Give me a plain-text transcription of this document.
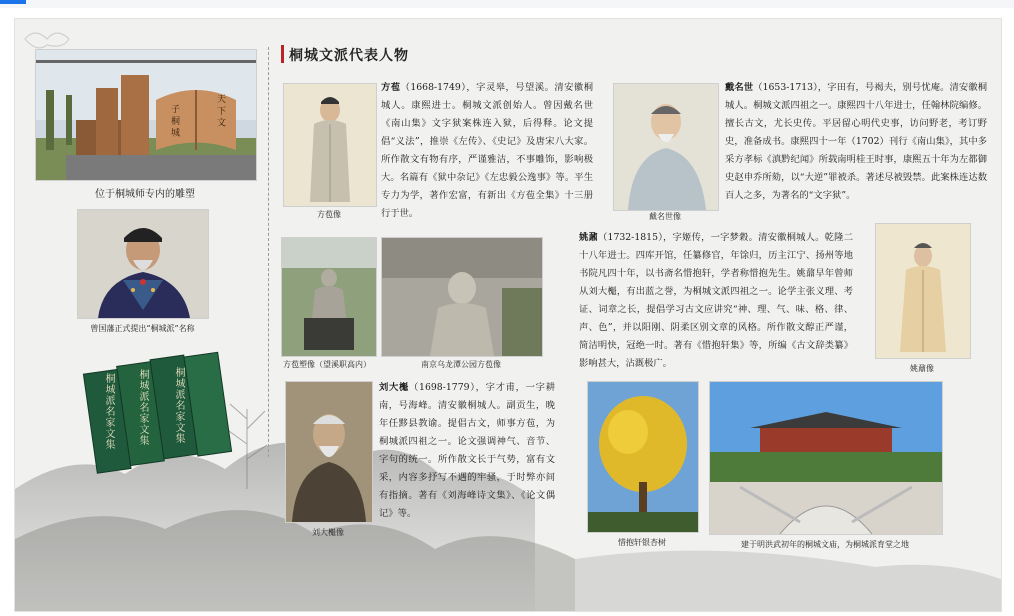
子 桐 城	天 下 文
位于桐城师专内的雕塑
曾国藩正式提出“桐城派”名称
桐城派名家文集 桐城派名家文集	桐城派名家文集
桐城文派代表人物
方苞像
方苞（1668-1749），字灵皋，号望溪。清安徽桐城人。康熙进士。桐城文派创始人。曾因戴名世《南山集》文字狱案株连入狱，后得释。论文提倡“义法”，推崇《左传》、《史记》及唐宋八大家。所作散文有物有序，严谨雅洁，不事雕饰，影响极大。名篇有《狱中杂记》《左忠毅公逸事》等。平生专力为学，著作宏富，有新出《方苞全集》十三册行于世。	戴名世像
戴名世（1653-1713），字田有，号褐夫，别号忧庵。清安徽桐城人。桐城文派四祖之一。康熙四十八年进士，任翰林院编修。擅长古文，尤长史传。平居留心明代史事，访问野老，考订野史，准备成书。康熙四十一年（1702）刊行《南山集》，其中多采方孝标《滇黔纪闻》所载南明桂王时事，康熙五十年为左都御史赵申乔所劾，以“大逆”罪被杀。著述尽被毁禁。此案株连达数百人之多，为著名的“文字狱”。
方苞塑像（望溪职高内）	南京乌龙潭公园方苞像
姚鼐（1732-1815），字姬传，一字梦穀。清安徽桐城人。乾隆二十八年进士。四库开馆，任纂修官，年馀归，历主江宁、扬州等地书院凡四十年，以书斋名惜抱轩，学者称惜抱先生。姚鼐早年曾师从刘大櫆，有出蓝之誉，为桐城文派四祖之一。论学主张义理、考证、词章之长，提倡学习古文应讲究“神、理、气、味、格、律、声、色”，并以阳刚、阴柔区别文章的风格。所作散文醇正严谨，简洁明快，冠绝一时。著有《惜抱轩集》等，所编《古文辞类纂》影响甚大，沾溉极广。	姚鼐像
刘大櫆像
刘大櫆（1698-1779），字才甫，一字耕南，号海峰。清安徽桐城人。副贡生，晚年任黟县教谕。提倡古文，师事方苞，为桐城派四祖之一。论文强调神气、音节、字句的统一。所作散文长于气势，富有文采，内容多抒写不遇的牢骚，于时弊亦间有指摘。著有《刘海峰诗文集》、《论文偶记》等。
惜抱轩银杏树	建于明洪武初年的桐城文庙，为桐城派育堂之地
